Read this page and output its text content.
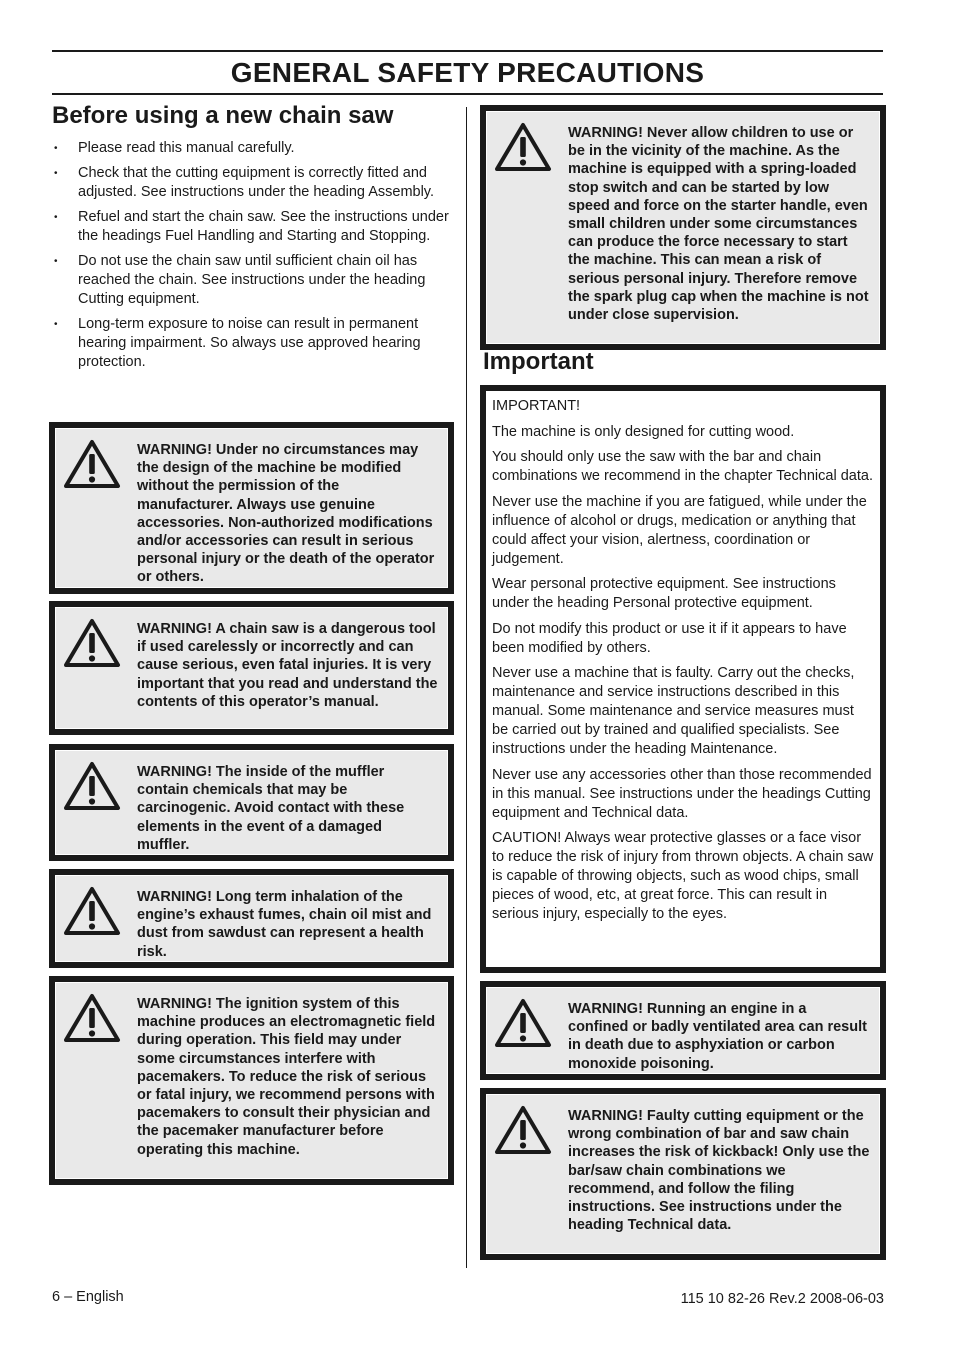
GENERAL SAFETY PRECAUTIONS
Before using a new chain saw
• Please read this manual carefully.
• Check that the cutting equipment is correctly fitted and adjusted. See instructions under the heading Assembly.
• Refuel and start the chain saw. See the instructions under the headings Fuel Handling and Starting and Stopping.
• Do not use the chain saw until sufficient chain oil has reached the chain. See instructions under the heading Cutting equipment.
• Long-term exposure to noise can result in permanent hearing impairment. So always use approved hearing protection.
WARNING! Under no circumstances may the design of the machine be modified without the permission of the manufacturer. Always use genuine accessories. Non-authorized modifications and/or accessories can result in serious personal injury or the death of the operator or others.
WARNING! A chain saw is a dangerous tool if used carelessly or incorrectly and can cause serious, even fatal injuries. It is very important that you read and understand the contents of this operator’s manual.
WARNING! The inside of the muffler contain chemicals that may be carcinogenic. Avoid contact with these elements in the event of a damaged muffler.
WARNING! Long term inhalation of the engine’s exhaust fumes, chain oil mist and dust from sawdust can represent a health risk.
WARNING! The ignition system of this machine produces an electromagnetic field during operation. This field may under some circumstances interfere with pacemakers. To reduce the risk of serious or fatal injury, we recommend persons with pacemakers to consult their physician and the pacemaker manufacturer before operating this machine.
WARNING! Never allow children to use or be in the vicinity of the machine. As the machine is equipped with a spring-loaded stop switch and can be started by low speed and force on the starter handle, even small children under some circumstances can produce the force necessary to start the machine. This can mean a risk of serious personal injury. Therefore remove the spark plug cap when the machine is not under close supervision.
Important

IMPORTANT!

The machine is only designed for cutting wood.

You should only use the saw with the bar and chain combinations we recommend in the chapter Technical data.

Never use the machine if you are fatigued, while under the influence of alcohol or drugs, medication or anything that could affect your vision, alertness, coordination or judgement.

Wear personal protective equipment. See instructions under the heading Personal protective equipment.

Do not modify this product or use it if it appears to have been modified by others.

Never use a machine that is faulty. Carry out the checks, maintenance and service instructions described in this manual. Some maintenance and service measures must be carried out by trained and qualified specialists. See instructions under the heading Maintenance.

Never use any accessories other than those recommended in this manual. See instructions under the headings Cutting equipment and Technical data.

CAUTION! Always wear protective glasses or a face visor to reduce the risk of injury from thrown objects. A chain saw is capable of throwing objects, such as wood chips, small pieces of wood, etc, at great force. This can result in serious injury, especially to the eyes.

WARNING! Running an engine in a confined or badly ventilated area can result in death due to asphyxiation or carbon monoxide poisoning.
WARNING! Faulty cutting equipment or the wrong combination of bar and saw chain increases the risk of kickback! Only use the bar/saw chain combinations we recommend, and follow the filing instructions. See instructions under the heading Technical data.
6 – English	115 10 82-26 Rev.2 2008-06-03
